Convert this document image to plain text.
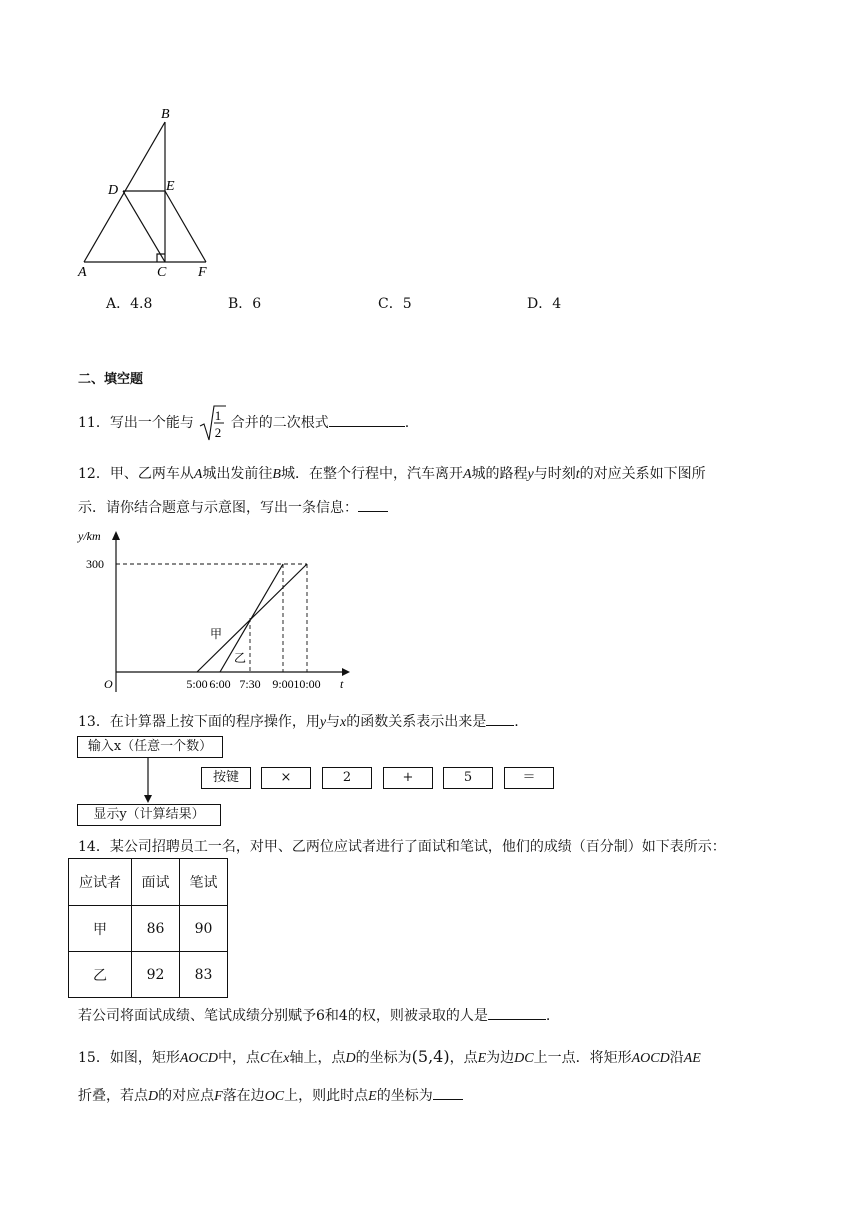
B
D	E
A	C F
A．4.8	B．6	C．5	D．4
二、填空题
11．写出一个能与 1
2
合并的二次根式	.
12．甲、乙两车从A城出发前往B城．在整个行程中，汽车离开A城的路程y与时刻t的对应关系如下图所
示．请你结合题意与示意图，写出一条信息：
y/km
300
O	t
5:00 6:00 7:30 9:00 10:00
甲
乙
13．在计算器上按下面的程序操作，用y与x的函数关系表示出来是 .
输入x（任意一个数）
按键	×	2	+	5	＝
显示y（计算结果）
14．某公司招聘员工一名，对甲、乙两位应试者进行了面试和笔试，他们的成绩（百分制）如下表所示：
应试者	面试	笔试
甲	86	90
乙	92	83
若公司将面试成绩、笔试成绩分别赋予6和4的权，则被录取的人是	.
15．如图，矩形AOCD中，点C在x轴上，点D的坐标为(5,4)，点E为边DC上一点．将矩形AOCD沿AE
折叠，若点D的对应点F落在边OC上，则此时点E的坐标为
